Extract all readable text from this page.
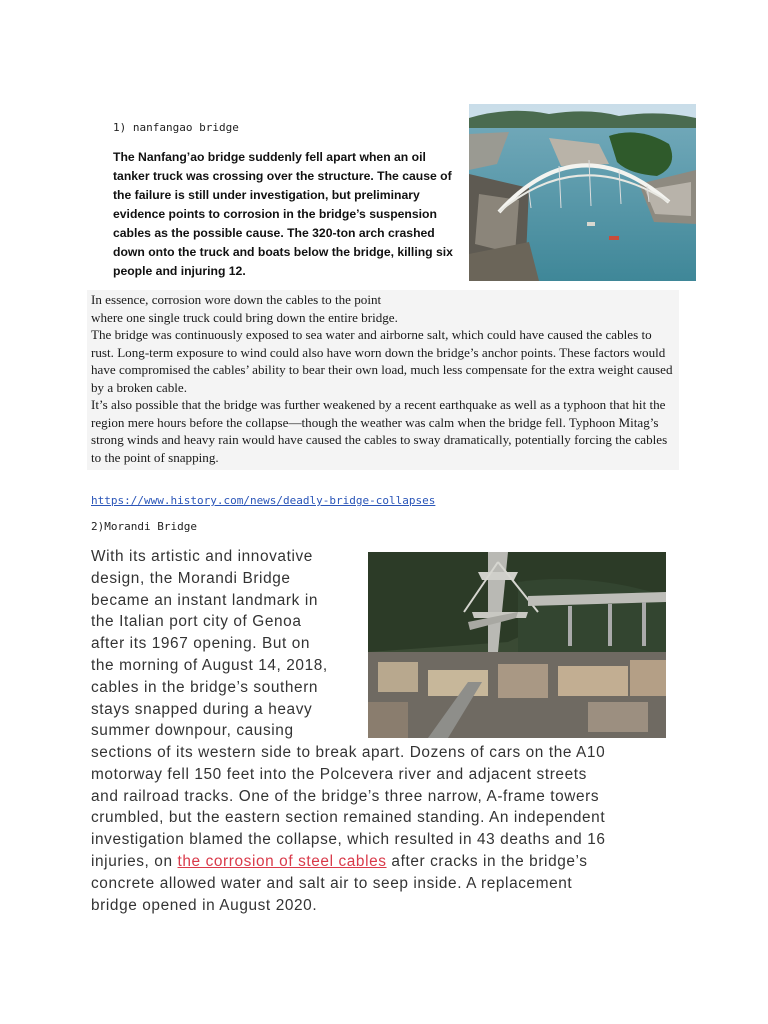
1) nanfangao bridge
The Nanfang’ao bridge suddenly fell apart when an oil tanker truck was crossing over the structure. The cause of the failure is still under investigation, but preliminary evidence points to corrosion in the bridge’s suspension cables as the possible cause. The 320-ton arch crashed down onto the truck and boats below the bridge, killing six people and injuring 12.
In essence, corrosion wore down the cables to the point
where one single truck could bring down the entire bridge.
The bridge was continuously exposed to sea water and airborne salt, which could have caused the cables to rust. Long-term exposure to wind could also have worn down the bridge’s anchor points. These factors would have compromised the cables’ ability to bear their own load, much less compensate for the extra weight caused by a broken cable.
It’s also possible that the bridge was further weakened by a recent earthquake as well as a typhoon that hit the region mere hours before the collapse—though the weather was calm when the bridge fell. Typhoon Mitag’s strong winds and heavy rain would have caused the cables to sway dramatically, potentially forcing the cables to the point of snapping.
https://www.history.com/news/deadly-bridge-collapses
2)Morandi Bridge
With its artistic and innovative
design, the Morandi Bridge
became an instant landmark in
the Italian port city of Genoa
after its 1967 opening. But on
the morning of August 14, 2018,
cables in the bridge’s southern
stays snapped during a heavy
summer downpour, causing
sections of its western side to break apart. Dozens of cars on the A10
motorway fell 150 feet into the Polcevera river and adjacent streets
and railroad tracks. One of the bridge’s three narrow, A-frame towers
crumbled, but the eastern section remained standing. An independent
investigation blamed the collapse, which resulted in 43 deaths and 16
injuries, on the corrosion of steel cables after cracks in the bridge’s
concrete allowed water and salt air to seep inside. A replacement
bridge opened in August 2020.
